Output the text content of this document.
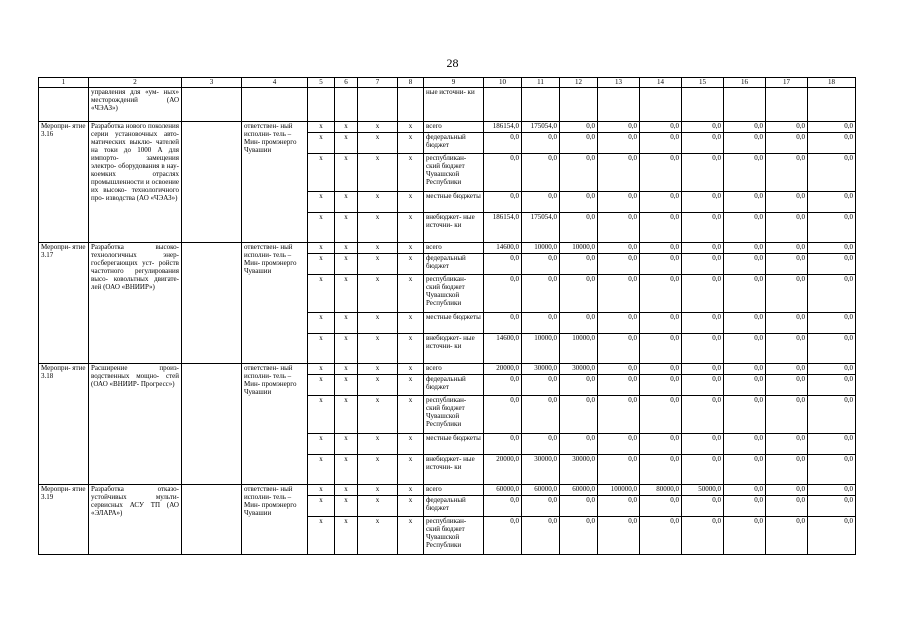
28
1	2	3	4	5	6	7	8	9	10	11	12	13	14	15	16	17	18
	управления для «ум- ных» месторождений (АО «ЧЭАЗ»)							ные источни- ки									
Меропри- ятие 3.16	Разработка нового поколения серии установочных авто- матических выклю- чателей на токи до 1000 А для импорто- замещения электро- оборудования в нау- коемких отраслях промышленности и освоение их высоко- технологичного про- изводства (АО «ЧЭАЗ»)		ответствен- ный исполни- тель – Мин- промэнерго Чувашии	x	x	x	x	всего	186154,0	175054,0	0,0	0,0	0,0	0,0	0,0	0,0	0,0
				x	x	x	x	федеральный бюджет	0,0	0,0	0,0	0,0	0,0	0,0	0,0	0,0	0,0
				x	x	x	x	республикан- ский бюджет Чувашской Республики	0,0	0,0	0,0	0,0	0,0	0,0	0,0	0,0	0,0
				x	x	x	x	местные бюджеты	0,0	0,0	0,0	0,0	0,0	0,0	0,0	0,0	0,0
				x	x	x	x	внебюджет- ные источни- ки	186154,0	175054,0	0,0	0,0	0,0	0,0	0,0	0,0	0,0
Меропри- ятие 3.17	Разработка высоко- технологичных энер- госберегающих уст- ройств частотного регулирования высо- ковольтных двигате- лей (ОАО «ВНИИР»)		ответствен- ный исполни- тель – Мин- промэнерго Чувашии	x	x	x	x	всего	14600,0	10000,0	10000,0	0,0	0,0	0,0	0,0	0,0	0,0
				x	x	x	x	федеральный бюджет	0,0	0,0	0,0	0,0	0,0	0,0	0,0	0,0	0,0
				x	x	x	x	республикан- ский бюджет Чувашской Республики	0,0	0,0	0,0	0,0	0,0	0,0	0,0	0,0	0,0
				x	x	x	x	местные бюджеты	0,0	0,0	0,0	0,0	0,0	0,0	0,0	0,0	0,0
				x	x	x	x	внебюджет- ные источни- ки	14600,0	10000,0	10000,0	0,0	0,0	0,0	0,0	0,0	0,0
Меропри- ятие 3.18	Расширение произ- водственных мощно- стей (ОАО «ВНИИР- Прогресс»)		ответствен- ный исполни- тель – Мин- промэнерго Чувашии	x	x	x	x	всего	20000,0	30000,0	30000,0	0,0	0,0	0,0	0,0	0,0	0,0
				x	x	x	x	федеральный бюджет	0,0	0,0	0,0	0,0	0,0	0,0	0,0	0,0	0,0
				x	x	x	x	республикан- ский бюджет Чувашской Республики	0,0	0,0	0,0	0,0	0,0	0,0	0,0	0,0	0,0
				x	x	x	x	местные бюджеты	0,0	0,0	0,0	0,0	0,0	0,0	0,0	0,0	0,0
				x	x	x	x	внебюджет- ные источни- ки	20000,0	30000,0	30000,0	0,0	0,0	0,0	0,0	0,0	0,0
Меропри- ятие 3.19	Разработка отказо- устойчивых мульти- сервисных АСУ ТП (АО «ЭЛАРА»)		ответствен- ный исполни- тель – Мин- промэнерго Чувашии	x	x	x	x	всего	60000,0	60000,0	60000,0	100000,0	80000,0	50000,0	0,0	0,0	0,0
				x	x	x	x	федеральный бюджет	0,0	0,0	0,0	0,0	0,0	0,0	0,0	0,0	0,0
				x	x	x	x	республикан- ский бюджет Чувашской Республики	0,0	0,0	0,0	0,0	0,0	0,0	0,0	0,0	0,0
